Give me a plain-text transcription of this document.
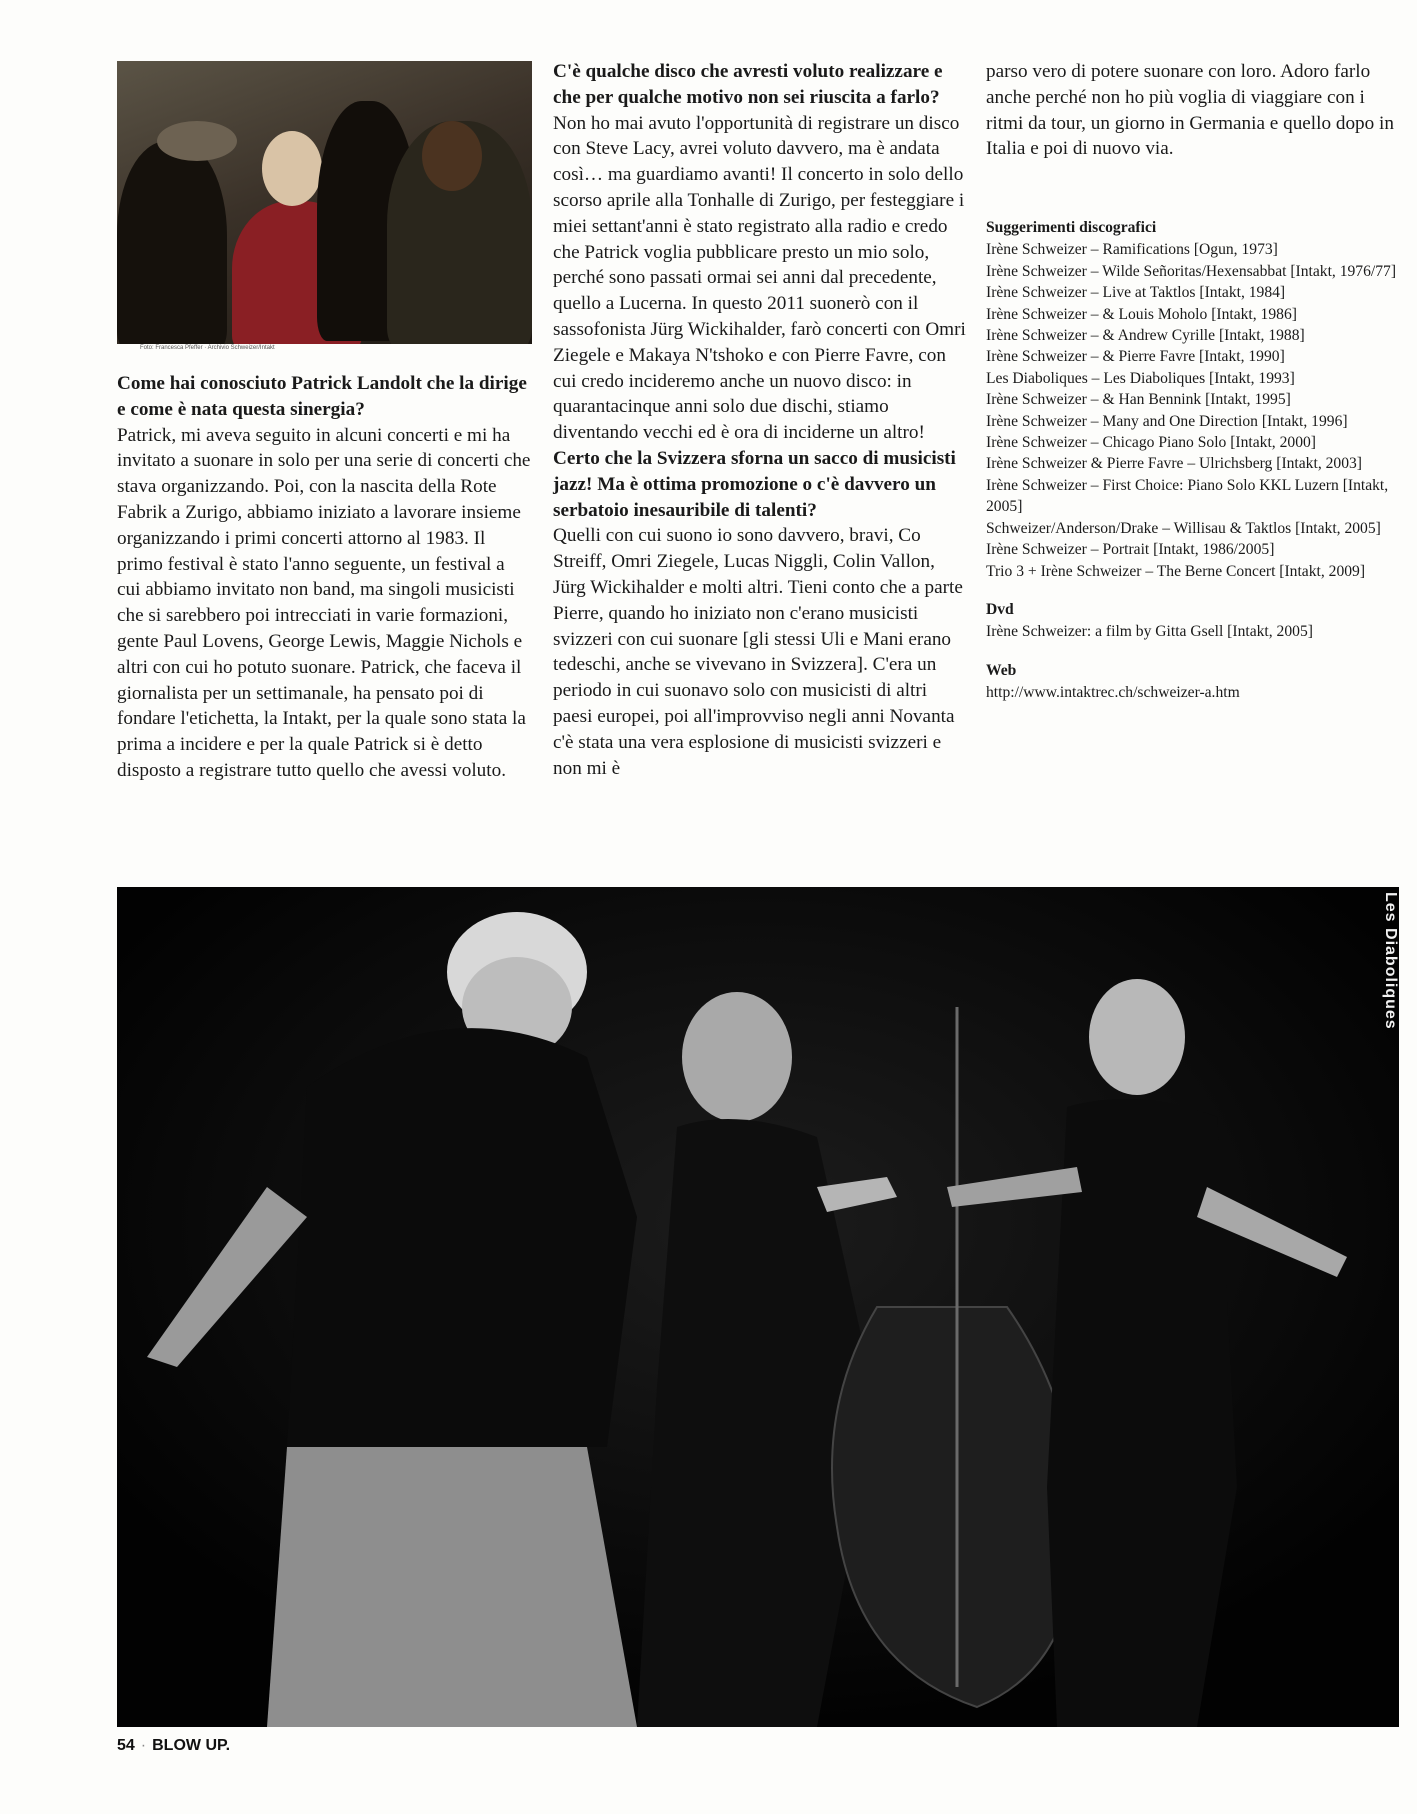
Foto: Francesca Pfeffer · Archivio Schweizer/Intakt

Come hai conosciuto Patrick Landolt che la dirige e come è nata questa sinergia?

Patrick, mi aveva seguito in alcuni concerti e mi ha invitato a suonare in solo per una serie di concerti che stava organizzando. Poi, con la nascita della Rote Fabrik a Zurigo, abbiamo iniziato a lavorare insieme organizzando i primi concerti attorno al 1983. Il primo festival è stato l'anno seguente, un festival a cui abbiamo invitato non band, ma singoli musicisti che si sarebbero poi intrecciati in varie formazioni, gente Paul Lovens, George Lewis, Maggie Nichols e altri con cui ho potuto suonare. Patrick, che faceva il giornalista per un settimanale, ha pensato poi di fondare l'etichetta, la Intakt, per la quale sono stata la prima a incidere e per la quale Patrick si è detto disposto a registrare tutto quello che avessi voluto.

C'è qualche disco che avresti voluto realizzare e che per qualche motivo non sei riuscita a farlo?

Non ho mai avuto l'opportunità di registrare un disco con Steve Lacy, avrei voluto davvero, ma è andata così… ma guardiamo avanti! Il concerto in solo dello scorso aprile alla Tonhalle di Zurigo, per festeggiare i miei settant'anni è stato registrato alla radio e credo che Patrick voglia pubblicare presto un mio solo, perché sono passati ormai sei anni dal precedente, quello a Lucerna. In questo 2011 suonerò con il sassofonista Jürg Wickihalder, farò concerti con Omri Ziegele e Makaya N'tshoko e con Pierre Favre, con cui credo incideremo anche un nuovo disco: in quarantacinque anni solo due dischi, stiamo diventando vecchi ed è ora di inciderne un altro!

Certo che la Svizzera sforna un sacco di musicisti jazz! Ma è ottima promozione o c'è davvero un serbatoio inesauribile di talenti?

Quelli con cui suono io sono davvero, bravi, Co Streiff, Omri Ziegele, Lucas Niggli, Colin Vallon, Jürg Wickihalder e molti altri. Tieni conto che a parte Pierre, quando ho iniziato non c'erano musicisti svizzeri con cui suonare [gli stessi Uli e Mani erano tedeschi, anche se vivevano in Svizzera]. C'era un periodo in cui suonavo solo con musicisti di altri paesi europei, poi all'improvviso negli anni Novanta c'è stata una vera esplosione di musicisti svizzeri e non mi è

parso vero di potere suonare con loro. Adoro farlo anche perché non ho più voglia di viaggiare con i ritmi da tour, un giorno in Germania e quello dopo in Italia e poi di nuovo via.

Suggerimenti discografici

Irène Schweizer – Ramifications [Ogun, 1973]

Irène Schweizer – Wilde Señoritas/Hexensabbat [Intakt, 1976/77]

Irène Schweizer – Live at Taktlos [Intakt, 1984]

Irène Schweizer – & Louis Moholo [Intakt, 1986]

Irène Schweizer – & Andrew Cyrille [Intakt, 1988]

Irène Schweizer – & Pierre Favre [Intakt, 1990]

Les Diaboliques – Les Diaboliques [Intakt, 1993]

Irène Schweizer – & Han Bennink [Intakt, 1995]

Irène Schweizer – Many and One Direction [Intakt, 1996]

Irène Schweizer – Chicago Piano Solo [Intakt, 2000]

Irène Schweizer & Pierre Favre – Ulrichsberg [Intakt, 2003]

Irène Schweizer – First Choice: Piano Solo KKL Luzern [Intakt, 2005]

Schweizer/Anderson/Drake – Willisau & Taktlos [Intakt, 2005]

Irène Schweizer – Portrait [Intakt, 1986/2005]

Trio 3 + Irène Schweizer – The Berne Concert [Intakt, 2009]

Dvd

Irène Schweizer: a film by Gitta Gsell [Intakt, 2005]

Web

http://www.intaktrec.ch/schweizer-a.htm

Les Diaboliques
54 · BLOW UP.
